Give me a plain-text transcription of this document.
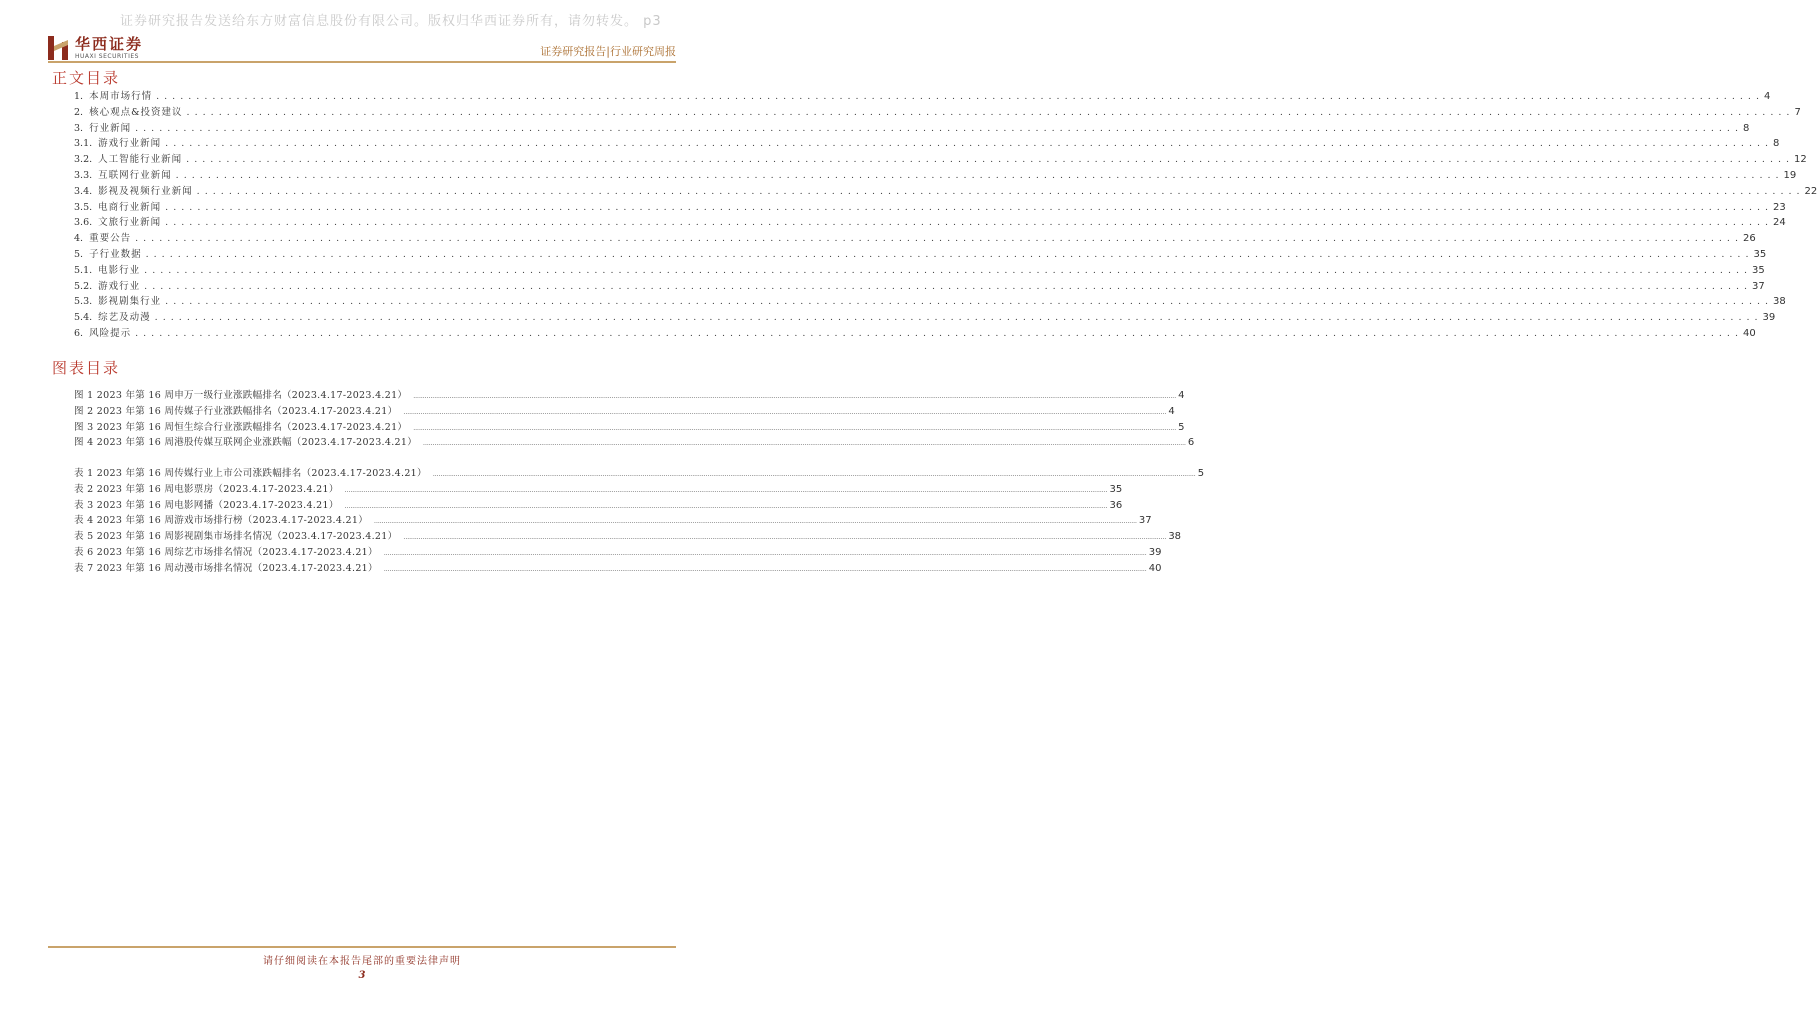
证券研究报告发送给东方财富信息股份有限公司。版权归华西证券所有，请勿转发。 p3
华西证券
HUAXI SECURITIES	证券研究报告|行业研究周报
正文目录
1. 本周市场行情 . . . . . . . . . . . . . . . . . . . . . . . . . . . . . . . . . . . . . . . . . . . . . . . . . . . . . . . . . . . . . . . . . . . . . . . . . . . . . . . . . . . . . . . . . . . . . . . . . . . . . . . . . . . . . . . . . . . . . . . . . . . . . . . . . . . . . . . . . . . . . . . . . . . . . . . . . . . . . . . . . . . . . . . . . . . . . . . . . . . . . . . . . . . . . . . . . . . . . . . . 4
2. 核心观点&投资建议 . . . . . . . . . . . . . . . . . . . . . . . . . . . . . . . . . . . . . . . . . . . . . . . . . . . . . . . . . . . . . . . . . . . . . . . . . . . . . . . . . . . . . . . . . . . . . . . . . . . . . . . . . . . . . . . . . . . . . . . . . . . . . . . . . . . . . . . . . . . . . . . . . . . . . . . . . . . . . . . . . . . . . . . . . . . . . . . . . . . . . . . . . . . . . . . . . . . . . . . . 7
3. 行业新闻 . . . . . . . . . . . . . . . . . . . . . . . . . . . . . . . . . . . . . . . . . . . . . . . . . . . . . . . . . . . . . . . . . . . . . . . . . . . . . . . . . . . . . . . . . . . . . . . . . . . . . . . . . . . . . . . . . . . . . . . . . . . . . . . . . . . . . . . . . . . . . . . . . . . . . . . . . . . . . . . . . . . . . . . . . . . . . . . . . . . . . . . . . . . . . . . . . . . . . . . . 8
3.1. 游戏行业新闻 . . . . . . . . . . . . . . . . . . . . . . . . . . . . . . . . . . . . . . . . . . . . . . . . . . . . . . . . . . . . . . . . . . . . . . . . . . . . . . . . . . . . . . . . . . . . . . . . . . . . . . . . . . . . . . . . . . . . . . . . . . . . . . . . . . . . . . . . . . . . . . . . . . . . . . . . . . . . . . . . . . . . . . . . . . . . . . . . . . . . . . . . . . . . . . . . . . . . . . . . 8
3.2. 人工智能行业新闻 . . . . . . . . . . . . . . . . . . . . . . . . . . . . . . . . . . . . . . . . . . . . . . . . . . . . . . . . . . . . . . . . . . . . . . . . . . . . . . . . . . . . . . . . . . . . . . . . . . . . . . . . . . . . . . . . . . . . . . . . . . . . . . . . . . . . . . . . . . . . . . . . . . . . . . . . . . . . . . . . . . . . . . . . . . . . . . . . . . . . . . . . . . . . . . . . . . . . . . . . 12
3.3. 互联网行业新闻 . . . . . . . . . . . . . . . . . . . . . . . . . . . . . . . . . . . . . . . . . . . . . . . . . . . . . . . . . . . . . . . . . . . . . . . . . . . . . . . . . . . . . . . . . . . . . . . . . . . . . . . . . . . . . . . . . . . . . . . . . . . . . . . . . . . . . . . . . . . . . . . . . . . . . . . . . . . . . . . . . . . . . . . . . . . . . . . . . . . . . . . . . . . . . . . . . . . . . . . . 19
3.4. 影视及视频行业新闻 . . . . . . . . . . . . . . . . . . . . . . . . . . . . . . . . . . . . . . . . . . . . . . . . . . . . . . . . . . . . . . . . . . . . . . . . . . . . . . . . . . . . . . . . . . . . . . . . . . . . . . . . . . . . . . . . . . . . . . . . . . . . . . . . . . . . . . . . . . . . . . . . . . . . . . . . . . . . . . . . . . . . . . . . . . . . . . . . . . . . . . . . . . . . . . . . . . . . . . . . 22
3.5. 电商行业新闻 . . . . . . . . . . . . . . . . . . . . . . . . . . . . . . . . . . . . . . . . . . . . . . . . . . . . . . . . . . . . . . . . . . . . . . . . . . . . . . . . . . . . . . . . . . . . . . . . . . . . . . . . . . . . . . . . . . . . . . . . . . . . . . . . . . . . . . . . . . . . . . . . . . . . . . . . . . . . . . . . . . . . . . . . . . . . . . . . . . . . . . . . . . . . . . . . . . . . . . . . 23
3.6. 文旅行业新闻 . . . . . . . . . . . . . . . . . . . . . . . . . . . . . . . . . . . . . . . . . . . . . . . . . . . . . . . . . . . . . . . . . . . . . . . . . . . . . . . . . . . . . . . . . . . . . . . . . . . . . . . . . . . . . . . . . . . . . . . . . . . . . . . . . . . . . . . . . . . . . . . . . . . . . . . . . . . . . . . . . . . . . . . . . . . . . . . . . . . . . . . . . . . . . . . . . . . . . . . . 24
4. 重要公告 . . . . . . . . . . . . . . . . . . . . . . . . . . . . . . . . . . . . . . . . . . . . . . . . . . . . . . . . . . . . . . . . . . . . . . . . . . . . . . . . . . . . . . . . . . . . . . . . . . . . . . . . . . . . . . . . . . . . . . . . . . . . . . . . . . . . . . . . . . . . . . . . . . . . . . . . . . . . . . . . . . . . . . . . . . . . . . . . . . . . . . . . . . . . . . . . . . . . . . . . 26
5. 子行业数据 . . . . . . . . . . . . . . . . . . . . . . . . . . . . . . . . . . . . . . . . . . . . . . . . . . . . . . . . . . . . . . . . . . . . . . . . . . . . . . . . . . . . . . . . . . . . . . . . . . . . . . . . . . . . . . . . . . . . . . . . . . . . . . . . . . . . . . . . . . . . . . . . . . . . . . . . . . . . . . . . . . . . . . . . . . . . . . . . . . . . . . . . . . . . . . . . . . . . . . . . 35
5.1. 电影行业 . . . . . . . . . . . . . . . . . . . . . . . . . . . . . . . . . . . . . . . . . . . . . . . . . . . . . . . . . . . . . . . . . . . . . . . . . . . . . . . . . . . . . . . . . . . . . . . . . . . . . . . . . . . . . . . . . . . . . . . . . . . . . . . . . . . . . . . . . . . . . . . . . . . . . . . . . . . . . . . . . . . . . . . . . . . . . . . . . . . . . . . . . . . . . . . . . . . . . . . . 35
5.2. 游戏行业 . . . . . . . . . . . . . . . . . . . . . . . . . . . . . . . . . . . . . . . . . . . . . . . . . . . . . . . . . . . . . . . . . . . . . . . . . . . . . . . . . . . . . . . . . . . . . . . . . . . . . . . . . . . . . . . . . . . . . . . . . . . . . . . . . . . . . . . . . . . . . . . . . . . . . . . . . . . . . . . . . . . . . . . . . . . . . . . . . . . . . . . . . . . . . . . . . . . . . . . . 37
5.3. 影视剧集行业 . . . . . . . . . . . . . . . . . . . . . . . . . . . . . . . . . . . . . . . . . . . . . . . . . . . . . . . . . . . . . . . . . . . . . . . . . . . . . . . . . . . . . . . . . . . . . . . . . . . . . . . . . . . . . . . . . . . . . . . . . . . . . . . . . . . . . . . . . . . . . . . . . . . . . . . . . . . . . . . . . . . . . . . . . . . . . . . . . . . . . . . . . . . . . . . . . . . . . . . . 38
5.4. 综艺及动漫 . . . . . . . . . . . . . . . . . . . . . . . . . . . . . . . . . . . . . . . . . . . . . . . . . . . . . . . . . . . . . . . . . . . . . . . . . . . . . . . . . . . . . . . . . . . . . . . . . . . . . . . . . . . . . . . . . . . . . . . . . . . . . . . . . . . . . . . . . . . . . . . . . . . . . . . . . . . . . . . . . . . . . . . . . . . . . . . . . . . . . . . . . . . . . . . . . . . . . . . . 39
6. 风险提示 . . . . . . . . . . . . . . . . . . . . . . . . . . . . . . . . . . . . . . . . . . . . . . . . . . . . . . . . . . . . . . . . . . . . . . . . . . . . . . . . . . . . . . . . . . . . . . . . . . . . . . . . . . . . . . . . . . . . . . . . . . . . . . . . . . . . . . . . . . . . . . . . . . . . . . . . . . . . . . . . . . . . . . . . . . . . . . . . . . . . . . . . . . . . . . . . . . . . . . . . 40
图表目录
图 1 2023 年第 16 周申万一级行业涨跌幅排名（2023.4.17-2023.4.21） ................................................................................................................................................................................................................................................................................................................................................................................................................ 4
图 2 2023 年第 16 周传媒子行业涨跌幅排名（2023.4.17-2023.4.21） ................................................................................................................................................................................................................................................................................................................................................................................................................ 4
图 3 2023 年第 16 周恒生综合行业涨跌幅排名（2023.4.17-2023.4.21） ................................................................................................................................................................................................................................................................................................................................................................................................................ 5
图 4 2023 年第 16 周港股传媒互联网企业涨跌幅（2023.4.17-2023.4.21） ................................................................................................................................................................................................................................................................................................................................................................................................................ 6
表 1 2023 年第 16 周传媒行业上市公司涨跌幅排名（2023.4.17-2023.4.21） ................................................................................................................................................................................................................................................................................................................................................................................................................ 5
表 2 2023 年第 16 周电影票房（2023.4.17-2023.4.21） ................................................................................................................................................................................................................................................................................................................................................................................................................ 35
表 3 2023 年第 16 周电影网播（2023.4.17-2023.4.21） ................................................................................................................................................................................................................................................................................................................................................................................................................ 36
表 4 2023 年第 16 周游戏市场排行榜（2023.4.17-2023.4.21） ................................................................................................................................................................................................................................................................................................................................................................................................................ 37
表 5 2023 年第 16 周影视剧集市场排名情况（2023.4.17-2023.4.21） ................................................................................................................................................................................................................................................................................................................................................................................................................ 38
表 6 2023 年第 16 周综艺市场排名情况（2023.4.17-2023.4.21） ................................................................................................................................................................................................................................................................................................................................................................................................................ 39
表 7 2023 年第 16 周动漫市场排名情况（2023.4.17-2023.4.21） ................................................................................................................................................................................................................................................................................................................................................................................................................ 40
请仔细阅读在本报告尾部的重要法律声明
3
